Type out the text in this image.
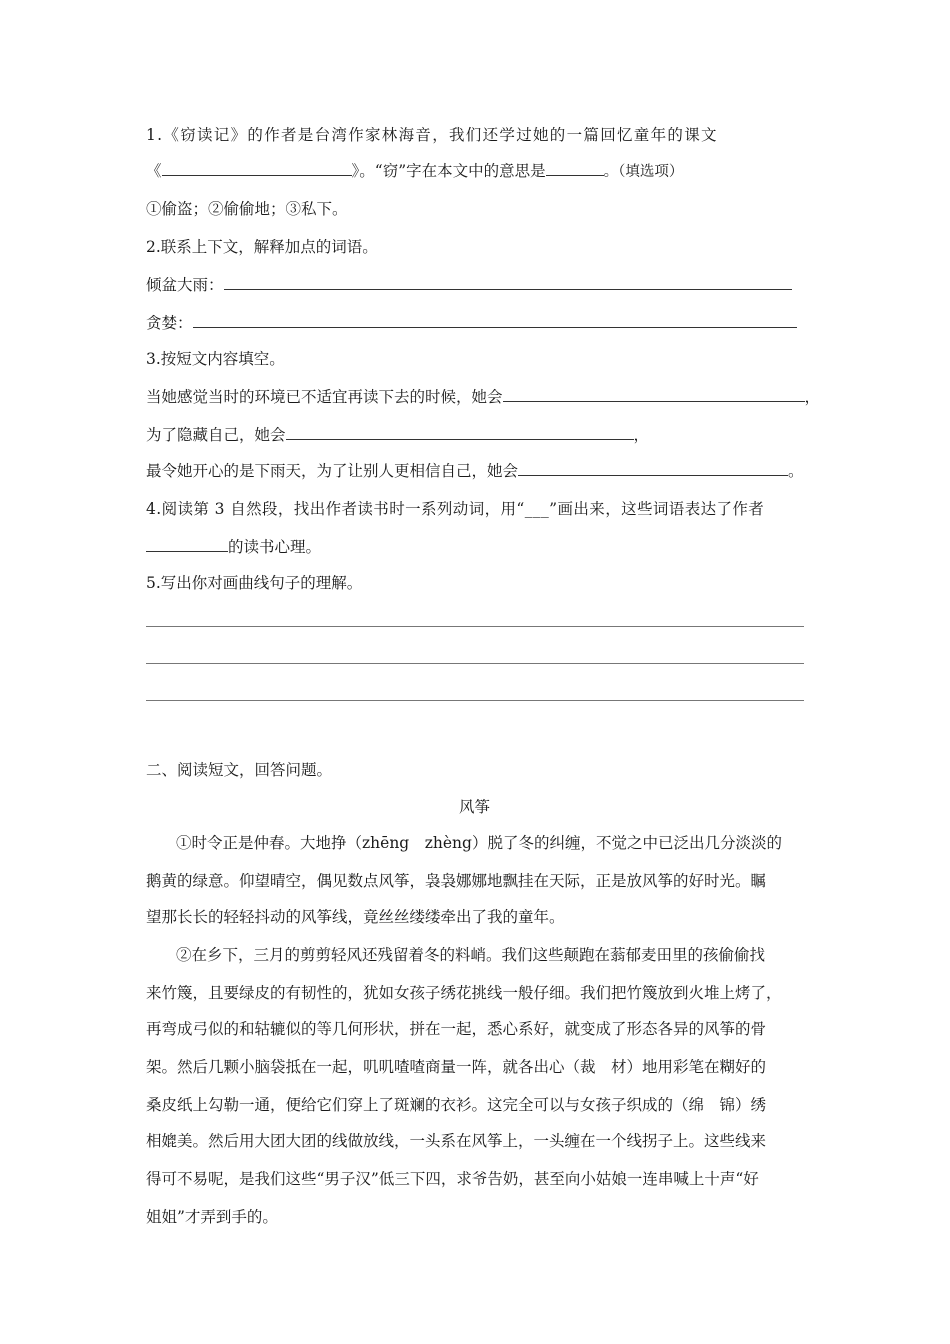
1.《窃读记》的作者是台湾作家林海音，我们还学过她的一篇回忆童年的课文
《	》。“窃”字在本文中的意思是	。（填选项）
①偷盗；②偷偷地；③私下。
2.联系上下文，解释加点的词语。
倾盆大雨：
贪婪：
3.按短文内容填空。
当她感觉当时的环境已不适宜再读下去的时候，她会	，
为了隐藏自己，她会	，
最令她开心的是下雨天，为了让别人更相信自己，她会	。
4.阅读第 3 自然段，找出作者读书时一系列动词，用“___”画出来，这些词语表达了作者
的读书心理。
5.写出你对画曲线句子的理解。
二、阅读短文，回答问题。
风筝
①时令正是仲春。大地挣（zhēng　zhèng）脱了冬的纠缠，不觉之中已泛出几分淡淡的
鹅黄的绿意。仰望晴空，偶见数点风筝，袅袅娜娜地飘挂在天际，正是放风筝的好时光。瞩
望那长长的轻轻抖动的风筝线，竟丝丝缕缕牵出了我的童年。
②在乡下，三月的剪剪轻风还残留着冬的料峭。我们这些颠跑在蓊郁麦田里的孩偷偷找
来竹篾，且要绿皮的有韧性的，犹如女孩子绣花挑线一般仔细。我们把竹篾放到火堆上烤了，
再弯成弓似的和轱辘似的等几何形状，拼在一起，悉心系好，就变成了形态各异的风筝的骨
架。然后几颗小脑袋抵在一起，叽叽喳喳商量一阵，就各出心（裁　材）地用彩笔在糊好的
桑皮纸上勾勒一通，便给它们穿上了斑斓的衣衫。这完全可以与女孩子织成的（绵　锦）绣
相媲美。然后用大团大团的线做放线，一头系在风筝上，一头缠在一个线拐子上。这些线来
得可不易呢，是我们这些“男子汉”低三下四，求爷告奶，甚至向小姑娘一连串喊上十声“好
姐姐”才弄到手的。
